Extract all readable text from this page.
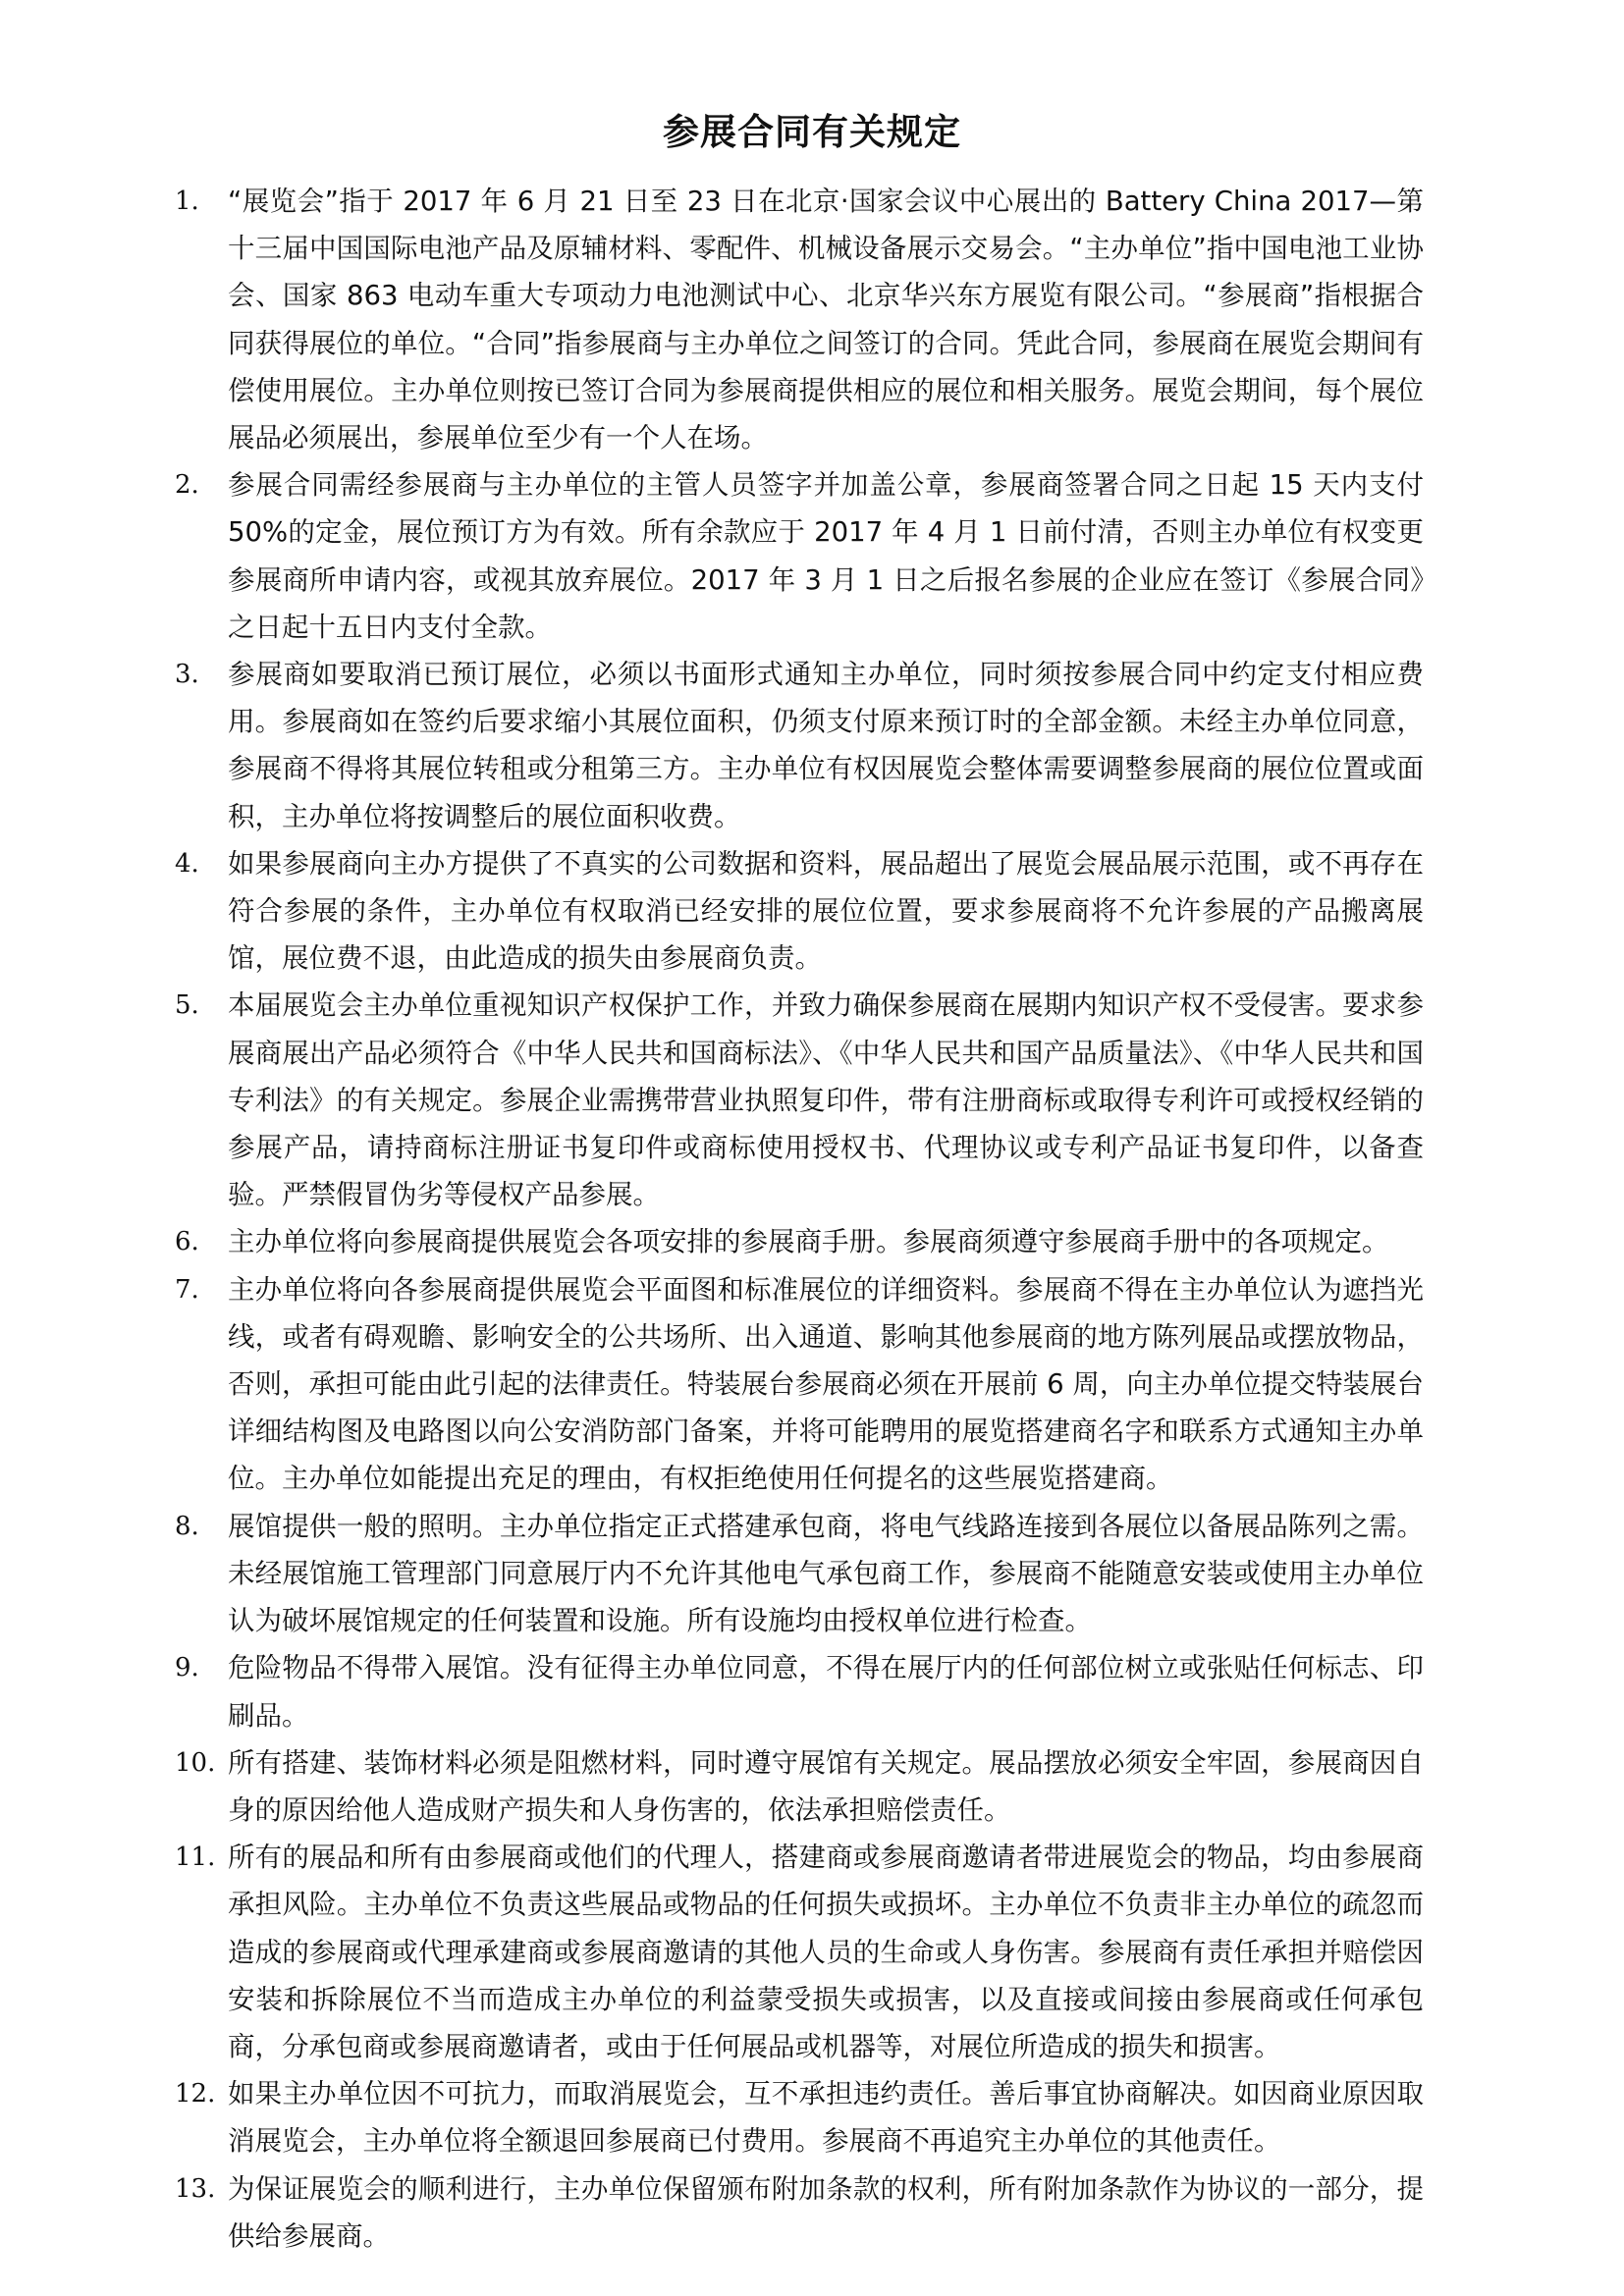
参展合同有关规定
1.	“展览会”指于 2017 年 6 月 21 日至 23 日在北京·国家会议中心展出的 Battery China 2017—第十三届中国国际电池产品及原辅材料、零配件、机械设备展示交易会。“主办单位”指中国电池工业协会、国家 863 电动车重大专项动力电池测试中心、北京华兴东方展览有限公司。“参展商”指根据合同获得展位的单位。“合同”指参展商与主办单位之间签订的合同。凭此合同，参展商在展览会期间有偿使用展位。主办单位则按已签订合同为参展商提供相应的展位和相关服务。展览会期间，每个展位展品必须展出，参展单位至少有一个人在场。
2.	参展合同需经参展商与主办单位的主管人员签字并加盖公章，参展商签署合同之日起 15 天内支付 50%的定金，展位预订方为有效。所有余款应于 2017 年 4 月 1 日前付清，否则主办单位有权变更参展商所申请内容，或视其放弃展位。2017 年 3 月 1 日之后报名参展的企业应在签订《参展合同》之日起十五日内支付全款。
3.	参展商如要取消已预订展位，必须以书面形式通知主办单位，同时须按参展合同中约定支付相应费用。参展商如在签约后要求缩小其展位面积，仍须支付原来预订时的全部金额。未经主办单位同意，参展商不得将其展位转租或分租第三方。主办单位有权因展览会整体需要调整参展商的展位位置或面积，主办单位将按调整后的展位面积收费。
4.	如果参展商向主办方提供了不真实的公司数据和资料，展品超出了展览会展品展示范围，或不再存在符合参展的条件，主办单位有权取消已经安排的展位位置，要求参展商将不允许参展的产品搬离展馆，展位费不退，由此造成的损失由参展商负责。
5.	本届展览会主办单位重视知识产权保护工作，并致力确保参展商在展期内知识产权不受侵害。要求参展商展出产品必须符合《中华人民共和国商标法》、《中华人民共和国产品质量法》、《中华人民共和国专利法》的有关规定。参展企业需携带营业执照复印件，带有注册商标或取得专利许可或授权经销的参展产品，请持商标注册证书复印件或商标使用授权书、代理协议或专利产品证书复印件，以备查验。严禁假冒伪劣等侵权产品参展。
6.	主办单位将向参展商提供展览会各项安排的参展商手册。参展商须遵守参展商手册中的各项规定。
7.	主办单位将向各参展商提供展览会平面图和标准展位的详细资料。参展商不得在主办单位认为遮挡光线，或者有碍观瞻、影响安全的公共场所、出入通道、影响其他参展商的地方陈列展品或摆放物品，否则，承担可能由此引起的法律责任。特装展台参展商必须在开展前 6 周，向主办单位提交特装展台详细结构图及电路图以向公安消防部门备案，并将可能聘用的展览搭建商名字和联系方式通知主办单位。主办单位如能提出充足的理由，有权拒绝使用任何提名的这些展览搭建商。
8.	展馆提供一般的照明。主办单位指定正式搭建承包商，将电气线路连接到各展位以备展品陈列之需。未经展馆施工管理部门同意展厅内不允许其他电气承包商工作，参展商不能随意安装或使用主办单位认为破坏展馆规定的任何装置和设施。所有设施均由授权单位进行检查。
9.	危险物品不得带入展馆。没有征得主办单位同意，不得在展厅内的任何部位树立或张贴任何标志、印刷品。
10. 所有搭建、装饰材料必须是阻燃材料，同时遵守展馆有关规定。展品摆放必须安全牢固，参展商因自身的原因给他人造成财产损失和人身伤害的，依法承担赔偿责任。
11. 所有的展品和所有由参展商或他们的代理人，搭建商或参展商邀请者带进展览会的物品，均由参展商承担风险。主办单位不负责这些展品或物品的任何损失或损坏。主办单位不负责非主办单位的疏忽而造成的参展商或代理承建商或参展商邀请的其他人员的生命或人身伤害。参展商有责任承担并赔偿因安装和拆除展位不当而造成主办单位的利益蒙受损失或损害，以及直接或间接由参展商或任何承包商，分承包商或参展商邀请者，或由于任何展品或机器等，对展位所造成的损失和损害。
12. 如果主办单位因不可抗力，而取消展览会，互不承担违约责任。善后事宜协商解决。如因商业原因取消展览会，主办单位将全额退回参展商已付费用。参展商不再追究主办单位的其他责任。
13. 为保证展览会的顺利进行，主办单位保留颁布附加条款的权利，所有附加条款作为协议的一部分，提供给参展商。
